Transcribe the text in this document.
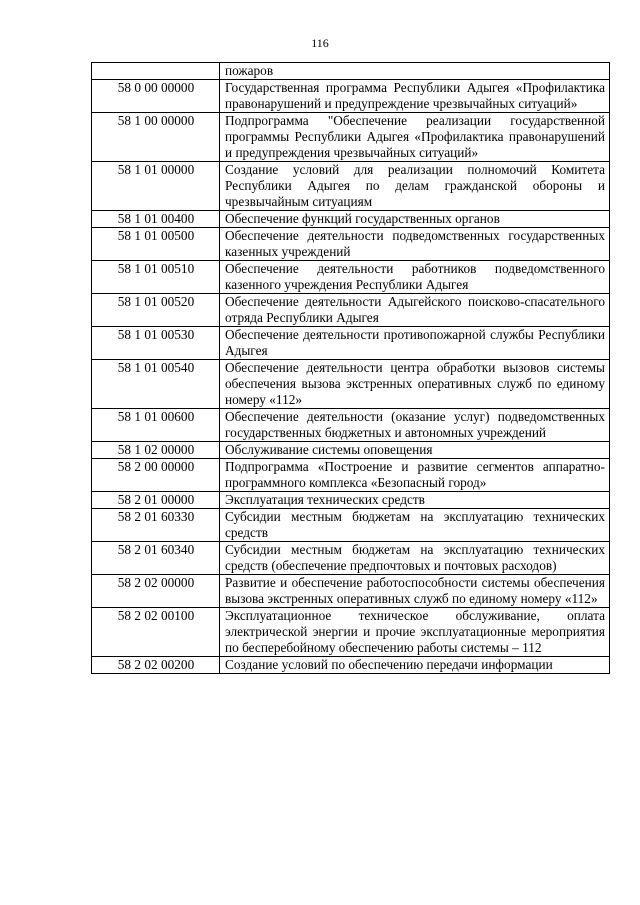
116
	пожаров
58 0 00 00000	Государственная программа Республики Адыгея «Профилактика правонарушений и предупреждение чрезвычайных ситуаций»
58 1 00 00000	Подпрограмма "Обеспечение реализации государственной программы Республики Адыгея «Профилактика правонарушений и предупреждения чрезвычайных ситуаций»
58 1 01 00000	Создание условий для реализации полномочий Комитета Республики Адыгея по делам гражданской обороны и чрезвычайным ситуациям
58 1 01 00400	Обеспечение функций государственных органов
58 1 01 00500	Обеспечение деятельности подведомственных государственных казенных учреждений
58 1 01 00510	Обеспечение деятельности работников подведомственного казенного учреждения Республики Адыгея
58 1 01 00520	Обеспечение деятельности Адыгейского поисково-спасательного отряда Республики Адыгея
58 1 01 00530	Обеспечение деятельности противопожарной службы Республики Адыгея
58 1 01 00540	Обеспечение деятельности центра обработки вызовов системы обеспечения вызова экстренных оперативных служб по единому номеру «112»
58 1 01 00600	Обеспечение деятельности (оказание услуг) подведомственных государственных бюджетных и автономных учреждений
58 1 02 00000	Обслуживание системы оповещения
58 2 00 00000	Подпрограмма «Построение и развитие сегментов аппаратно-программного комплекса «Безопасный город»
58 2 01 00000	Эксплуатация технических средств
58 2 01 60330	Субсидии местным бюджетам на эксплуатацию технических средств
58 2 01 60340	Субсидии местным бюджетам на эксплуатацию технических средств (обеспечение предпочтовых и почтовых расходов)
58 2 02 00000	Развитие и обеспечение работоспособности системы обеспечения вызова экстренных оперативных служб по единому номеру «112»
58 2 02 00100	Эксплуатационное техническое обслуживание, оплата электрической энергии и прочие эксплуатационные мероприятия по бесперебойному обеспечению работы системы – 112
58 2 02 00200	Создание условий по обеспечению передачи информации
